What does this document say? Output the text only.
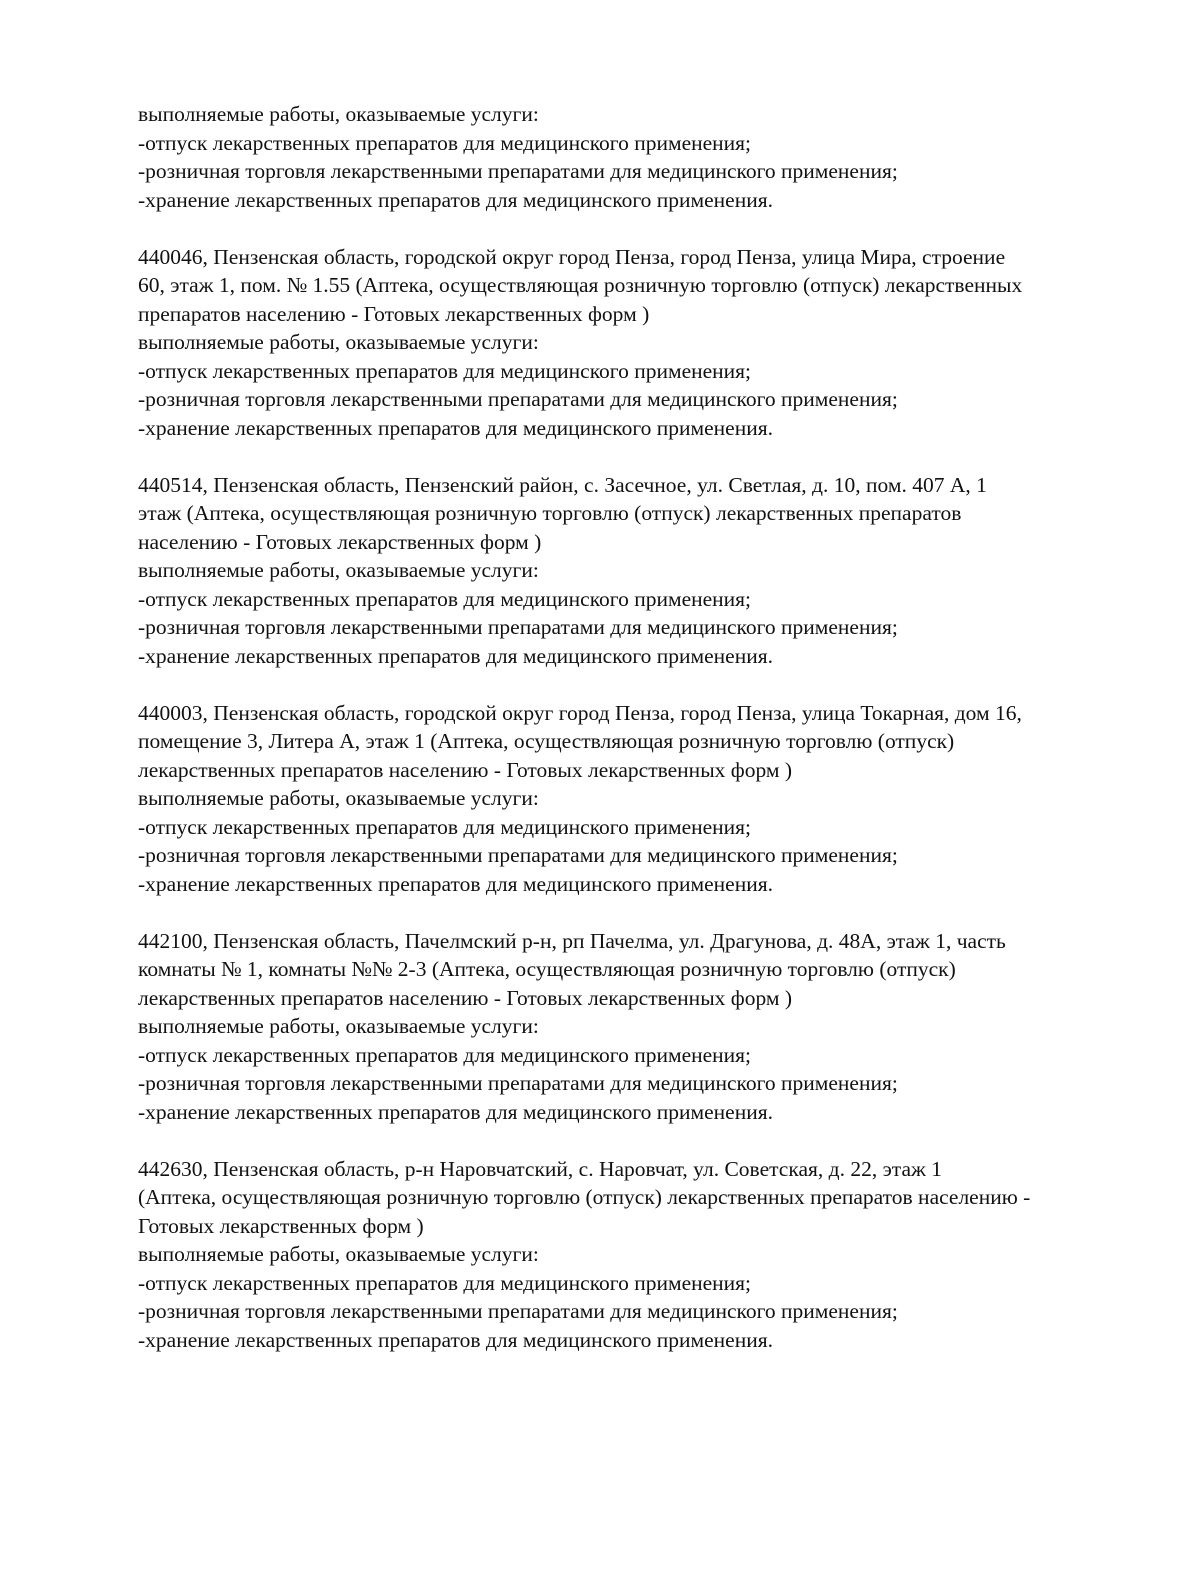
выполняемые работы, оказываемые услуги:
-отпуск лекарственных препаратов для медицинского применения;
-розничная торговля лекарственными препаратами для медицинского применения;
-хранение лекарственных препаратов для медицинского применения.
440046, Пензенская область, городской округ город Пенза, город Пенза, улица Мира, строение
60, этаж 1, пом. № 1.55 (Аптека, осуществляющая розничную торговлю (отпуск) лекарственных
препаратов населению - Готовых лекарственных форм )
выполняемые работы, оказываемые услуги:
-отпуск лекарственных препаратов для медицинского применения;
-розничная торговля лекарственными препаратами для медицинского применения;
-хранение лекарственных препаратов для медицинского применения.
440514, Пензенская область, Пензенский район, с. Засечное, ул. Светлая, д. 10, пом. 407 А, 1
этаж (Аптека, осуществляющая розничную торговлю (отпуск) лекарственных препаратов
населению - Готовых лекарственных форм )
выполняемые работы, оказываемые услуги:
-отпуск лекарственных препаратов для медицинского применения;
-розничная торговля лекарственными препаратами для медицинского применения;
-хранение лекарственных препаратов для медицинского применения.
440003, Пензенская область, городской округ город Пенза, город Пенза, улица Токарная, дом 16,
помещение 3, Литера А, этаж 1 (Аптека, осуществляющая розничную торговлю (отпуск)
лекарственных препаратов населению - Готовых лекарственных форм )
выполняемые работы, оказываемые услуги:
-отпуск лекарственных препаратов для медицинского применения;
-розничная торговля лекарственными препаратами для медицинского применения;
-хранение лекарственных препаратов для медицинского применения.
442100, Пензенская область, Пачелмский р-н, рп Пачелма, ул. Драгунова, д. 48А, этаж 1, часть
комнаты № 1, комнаты №№ 2-3 (Аптека, осуществляющая розничную торговлю (отпуск)
лекарственных препаратов населению - Готовых лекарственных форм )
выполняемые работы, оказываемые услуги:
-отпуск лекарственных препаратов для медицинского применения;
-розничная торговля лекарственными препаратами для медицинского применения;
-хранение лекарственных препаратов для медицинского применения.
442630, Пензенская область, р-н Наровчатский, с. Наровчат, ул. Советская, д. 22, этаж 1
(Аптека, осуществляющая розничную торговлю (отпуск) лекарственных препаратов населению -
Готовых лекарственных форм )
выполняемые работы, оказываемые услуги:
-отпуск лекарственных препаратов для медицинского применения;
-розничная торговля лекарственными препаратами для медицинского применения;
-хранение лекарственных препаратов для медицинского применения.
